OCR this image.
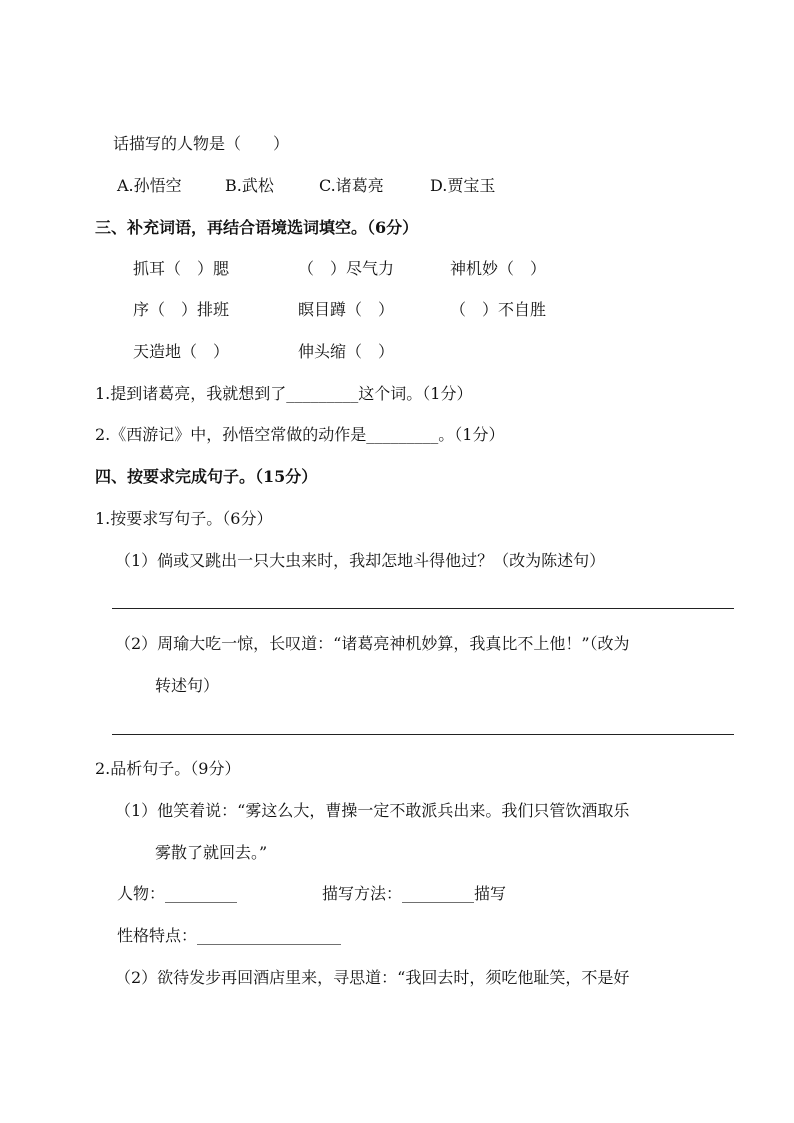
话描写的人物是（　　）
A.孙悟空	B.武松	C.诸葛亮	D.贾宝玉
三、补充词语，再结合语境选词填空。（6分）
抓耳（　）腮	（　）尽气力	神机妙（　）
序（　）排班	瞑目蹲（　）	（　）不自胜
天造地（　）	伸头缩（　）
1.提到诸葛亮，我就想到了_________这个词。（1分）
2.《西游记》中，孙悟空常做的动作是_________。（1分）
四、按要求完成句子。（15分）
1.按要求写句子。（6分）
（1）倘或又跳出一只大虫来时，我却怎地斗得他过？（改为陈述句）
（2）周瑜大吃一惊，长叹道：“诸葛亮神机妙算，我真比不上他！”（改为
转述句）
2.品析句子。（9分）
（1）他笑着说：“雾这么大，曹操一定不敢派兵出来。我们只管饮酒取乐
雾散了就回去。”
人物：_________	描写方法：_________描写
性格特点：__________________
（2）欲待发步再回酒店里来，寻思道：“我回去时，须吃他耻笑，不是好
